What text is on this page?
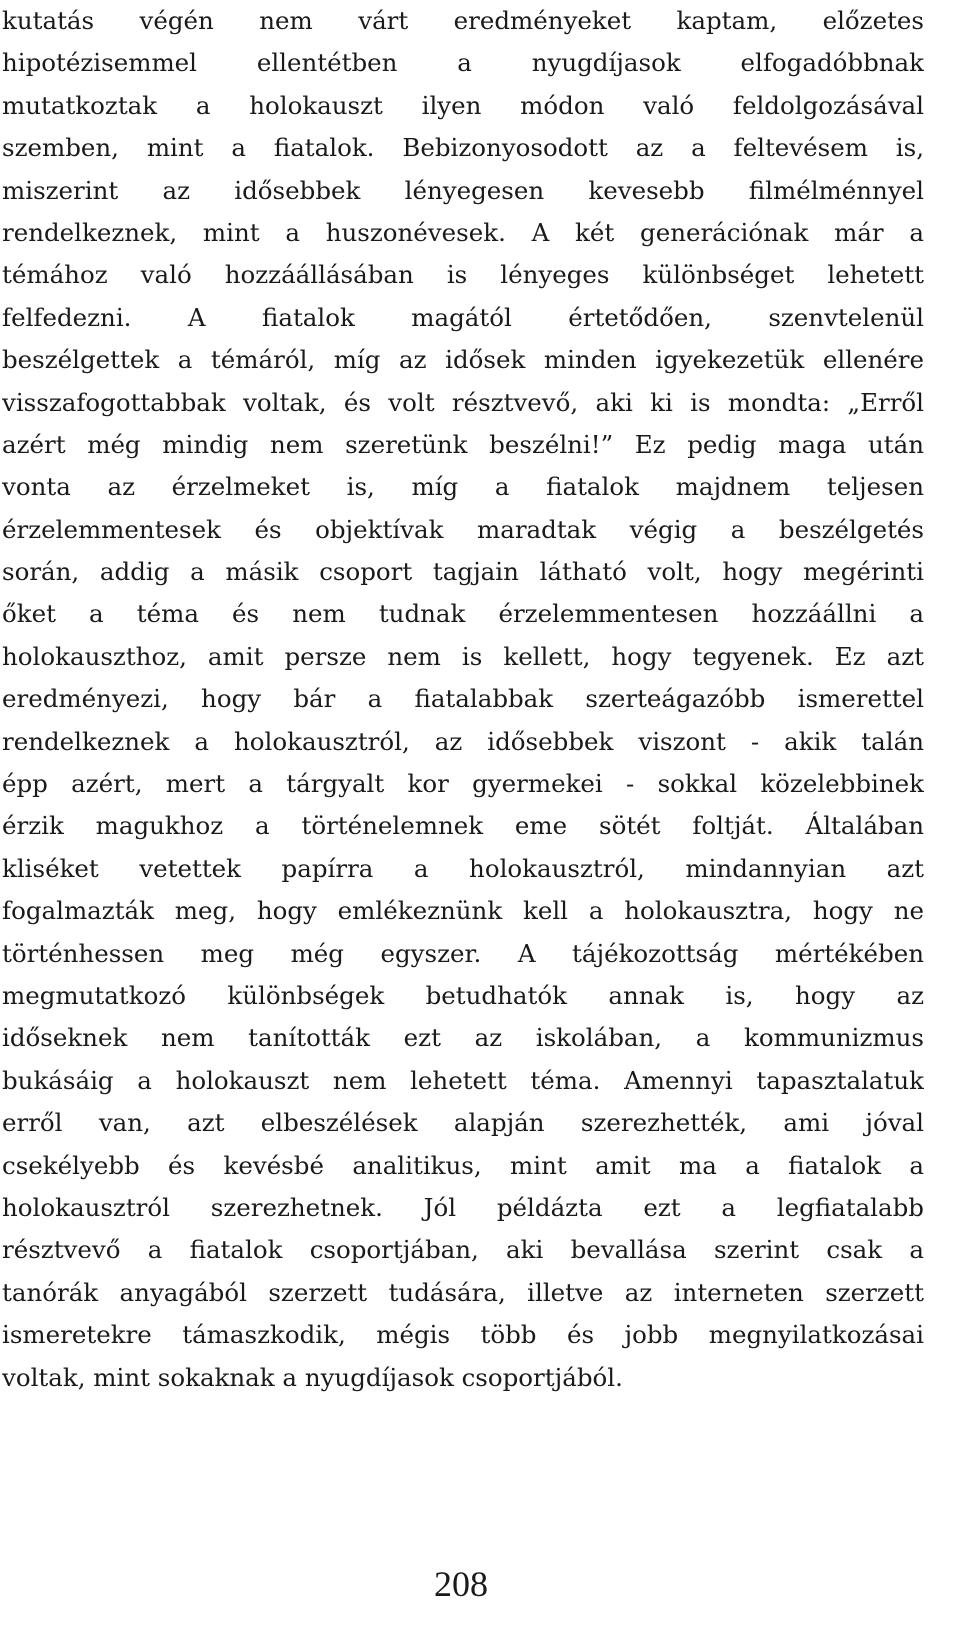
kutatás végén nem várt eredményeket kaptam, előzetes
hipotézisemmel ellentétben a nyugdíjasok elfogadóbbnak
mutatkoztak a holokauszt ilyen módon való feldolgozásával
szemben, mint a fiatalok. Bebizonyosodott az a feltevésem is,
miszerint az idősebbek lényegesen kevesebb filmélménnyel
rendelkeznek, mint a huszonévesek. A két generációnak már a
témához való hozzáállásában is lényeges különbséget lehetett
felfedezni. A fiatalok magától értetődően, szenvtelenül
beszélgettek a témáról, míg az idősek minden igyekezetük ellenére
visszafogottabbak voltak, és volt résztvevő, aki ki is mondta: „Erről
azért még mindig nem szeretünk beszélni!” Ez pedig maga után
vonta az érzelmeket is, míg a fiatalok majdnem teljesen
érzelemmentesek és objektívak maradtak végig a beszélgetés
során, addig a másik csoport tagjain látható volt, hogy megérinti
őket a téma és nem tudnak érzelemmentesen hozzáállni a
holokauszthoz, amit persze nem is kellett, hogy tegyenek. Ez azt
eredményezi, hogy bár a fiatalabbak szerteágazóbb ismerettel
rendelkeznek a holokausztról, az idősebbek viszont - akik talán
épp azért, mert a tárgyalt kor gyermekei - sokkal közelebbinek
érzik magukhoz a történelemnek eme sötét foltját. Általában
kliséket vetettek papírra a holokausztról, mindannyian azt
fogalmazták meg, hogy emlékeznünk kell a holokausztra, hogy ne
történhessen meg még egyszer. A tájékozottság mértékében
megmutatkozó különbségek betudhatók annak is, hogy az
időseknek nem tanították ezt az iskolában, a kommunizmus
bukásáig a holokauszt nem lehetett téma. Amennyi tapasztalatuk
erről van, azt elbeszélések alapján szerezhették, ami jóval
csekélyebb és kevésbé analitikus, mint amit ma a fiatalok a
holokausztról szerezhetnek. Jól példázta ezt a legfiatalabb
résztvevő a fiatalok csoportjában, aki bevallása szerint csak a
tanórák anyagából szerzett tudására, illetve az interneten szerzett
ismeretekre támaszkodik, mégis több és jobb megnyilatkozásai
voltak, mint sokaknak a nyugdíjasok csoportjából.
208
